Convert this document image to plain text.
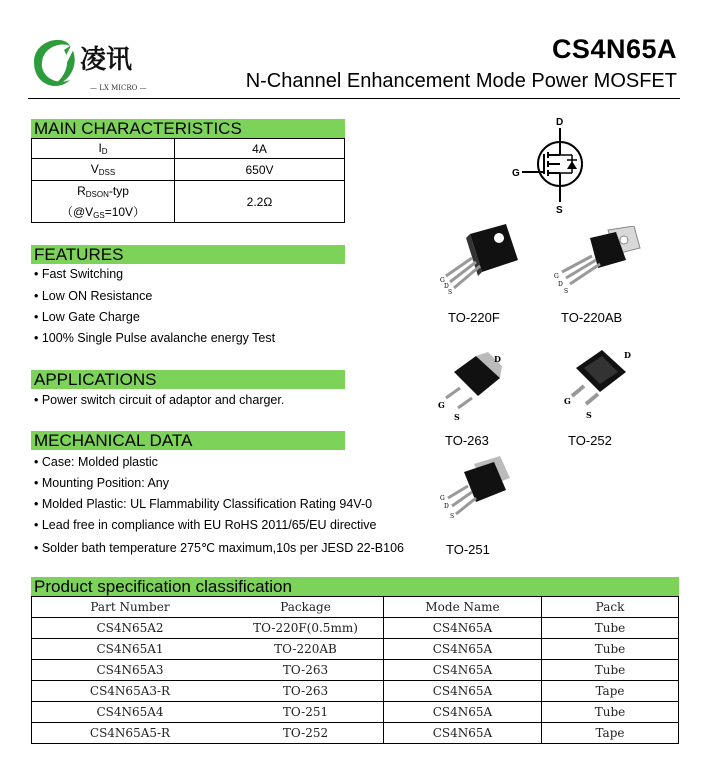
凌讯
— LX MICRO —
CS4N65A
N-Channel Enhancement Mode Power MOSFET
MAIN CHARACTERISTICS
$I_D$	4A
$V_{DSS}$	650V

$R_{DSON}$-typ
$(@V_{GS}=10V)$	2.2Ω
FEATURES
• Fast Switching
• Low ON Resistance
• Low Gate Charge
• 100% Single Pulse avalanche energy Test
APPLICATIONS
• Power switch circuit of adaptor and charger.
MECHANICAL DATA
• Case: Molded plastic
• Mounting Position: Any
• Molded Plastic: UL Flammability Classification Rating 94V-0
• Lead free in compliance with EU RoHS 2011/65/EU directive
• Solder bath temperature 275℃ maximum,10s per JESD 22-B106
D
G
S
G
D
S
TO-220F
G
D
S
TO-220AB
D
G
S
TO-263
D
G
S
TO-252
G
D
S
TO-251
Product specification classification
Part Number	Package	Mode Name	Pack
CS4N65A2	TO-220F(0.5mm)	CS4N65A	Tube
CS4N65A1	TO-220AB	CS4N65A	Tube
CS4N65A3	TO-263	CS4N65A	Tube
CS4N65A3-R	TO-263	CS4N65A	Tape
CS4N65A4	TO-251	CS4N65A	Tube
CS4N65A5-R	TO-252	CS4N65A	Tape
